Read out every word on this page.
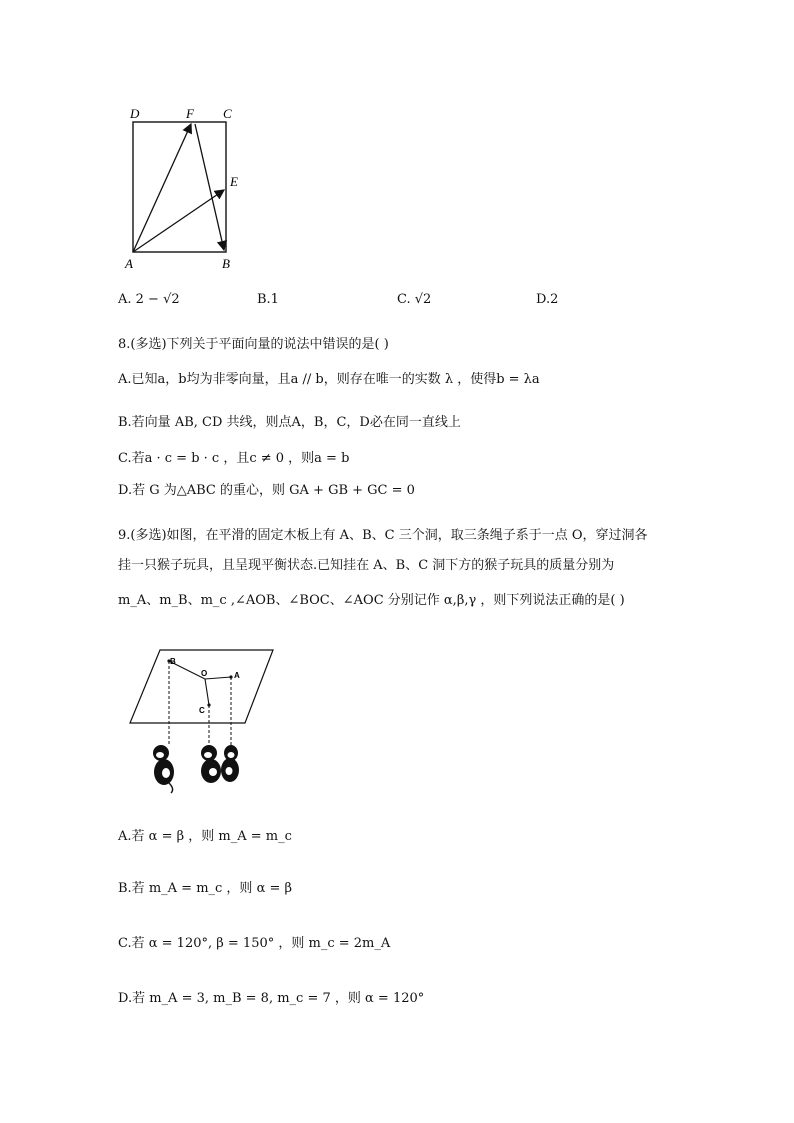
D	F C
E
A	B
A. 2 − √2	B.1	C. √2	D.2
8.(多选)下列关于平面向量的说法中错误的是( )
A.已知a，b均为非零向量，且a // b，则存在唯一的实数 λ ，使得b = λa
B.若向量 AB, CD 共线，则点A，B，C，D必在同一直线上
C.若a · c = b · c ，且c ≠ 0 ，则a = b
D.若 G 为△ABC 的重心，则 GA + GB + GC = 0
9.(多选)如图，在平滑的固定木板上有 A、B、C 三个洞，取三条绳子系于一点 O，穿过洞各
挂一只猴子玩具，且呈现平衡状态.已知挂在 A、B、C 洞下方的猴子玩具的质量分别为
m_A、m_B、m_c ,∠AOB、∠BOC、∠AOC 分别记作 α,β,γ ，则下列说法正确的是( )
B
O	A
C
A.若 α = β ，则 m_A = m_c
B.若 m_A = m_c ，则 α = β
C.若 α = 120°, β = 150° ，则 m_c = 2m_A
D.若 m_A = 3, m_B = 8, m_c = 7 ，则 α = 120°
